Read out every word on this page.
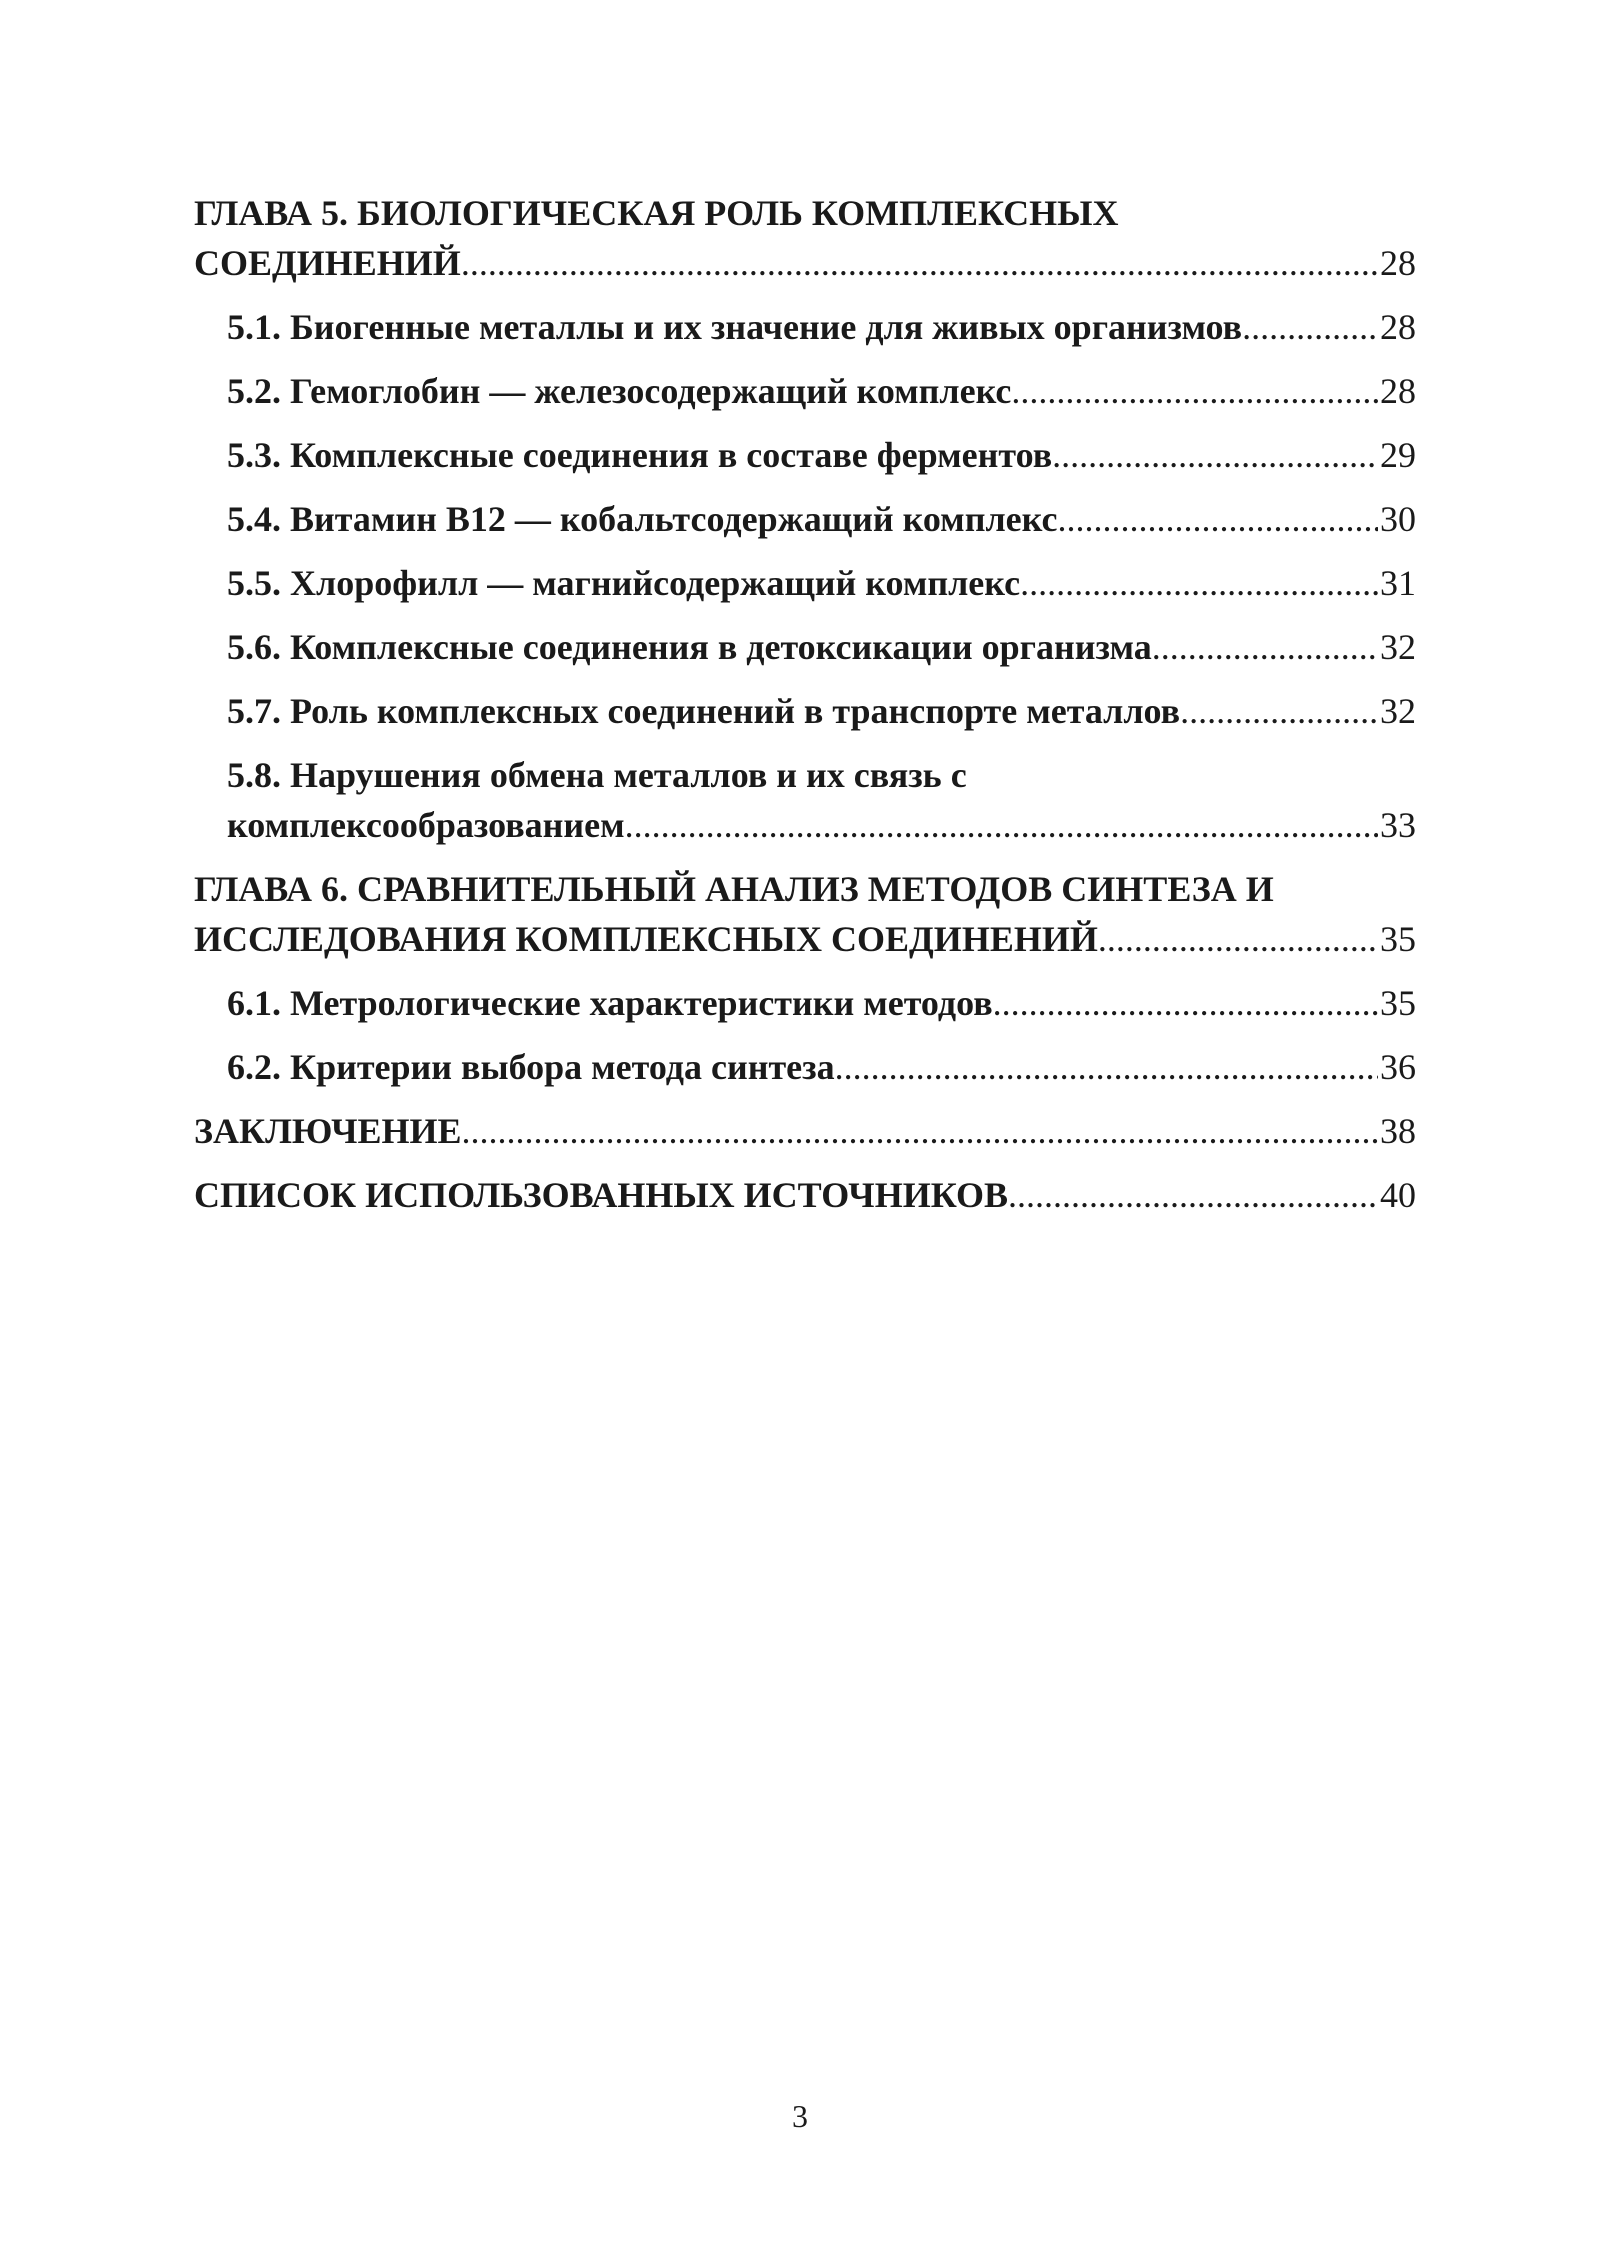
ГЛАВА 5. БИОЛОГИЧЕСКАЯ РОЛЬ КОМПЛЕКСНЫХ
СОЕДИНЕНИЙ .....	28
5.1. Биогенные металлы и их значение для живых организмов .....	28
5.2. Гемоглобин — железосодержащий комплекс .....	28
5.3. Комплексные соединения в составе ферментов .....	29
5.4. Витамин B12 — кобальтсодержащий комплекс .....	30
5.5. Хлорофилл — магнийсодержащий комплекс .....	31
5.6. Комплексные соединения в детоксикации организма .....	32
5.7. Роль комплексных соединений в транспорте металлов .....	32
5.8. Нарушения обмена металлов и их связь с
комплексообразованием .....	33
ГЛАВА 6. СРАВНИТЕЛЬНЫЙ АНАЛИЗ МЕТОДОВ СИНТЕЗА И
ИССЛЕДОВАНИЯ КОМПЛЕКСНЫХ СОЕДИНЕНИЙ .....	35
6.1. Метрологические характеристики методов .....	35
6.2. Критерии выбора метода синтеза .....	36
ЗАКЛЮЧЕНИЕ .....	38
СПИСОК ИСПОЛЬЗОВАННЫХ ИСТОЧНИКОВ .....	40
3
